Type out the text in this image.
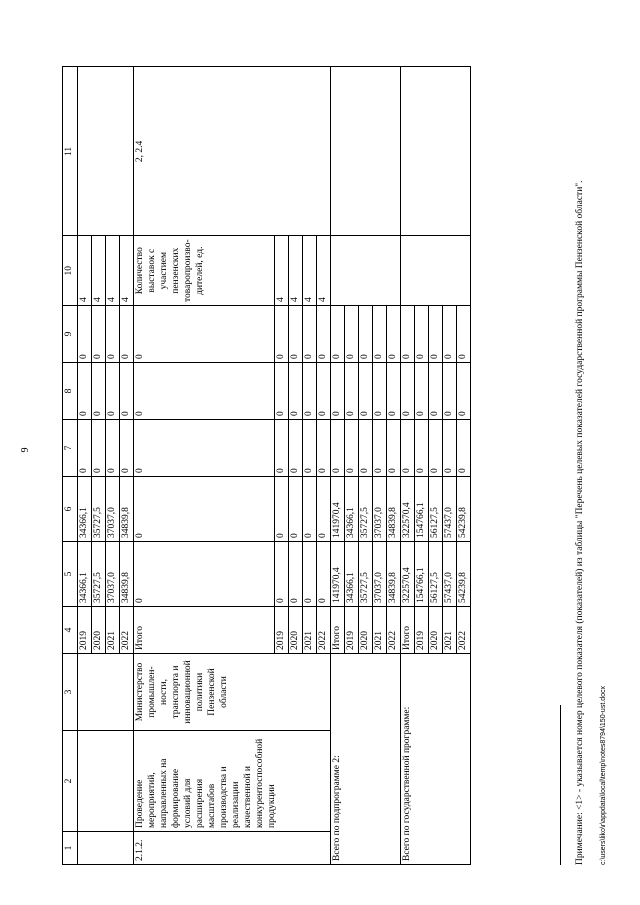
9
1	2	3	4	5	6	7	8	9	10	11
			2019	34366,1	34366,1	0	0	0	4	
			2020	35727,5	35727,5	0	0	0	4	
			2021	37037,0	37037,0	0	0	0	4	
			2022	34839,8	34839,8	0	0	0	4	
2.1.2.	Проведение мероприятий, направленных на формирование условий для расширения масштабов производства и реализации качественной и конкурентоспособной продукции	Министерство промышлен-ности, транспорта и инновационной политики Пензенской области	Итого	0	0	0	0	0	Количество выставок с участием пензенских товаропроизво-дителей, ед.	2, 2.4
			2019	0	0	0	0	0	4	
			2020	0	0	0	0	0	4	
			2021	0	0	0	0	0	4	
			2022	0	0	0	0	0	4	
Всего по подпрограмме 2:			Итого	141970,4	141970,4	0	0	0		
			2019	34366,1	34366,1	0	0	0		
			2020	35727,5	35727,5	0	0	0		
			2021	37037,0	37037,0	0	0	0		
			2022	34839,8	34839,8	0	0	0		
Всего по государственной программе:			Итого	322570,4	322570,4	0	0	0		
			2019	154766,1	154766,1	0	0	0		
			2020	56127,5	56127,5	0	0	0		
			2021	57437,0	57437,0	0	0	0		
			2022	54239,8	54239,8	0	0	0			Примечание: <1> - указывается номер целевого показателя (показателей) из таблицы "Перечень целевых показателей государственной программы Пензенской области". c:\users\liko\r\appdata\local\temp\notes8794\150-ust.docx
